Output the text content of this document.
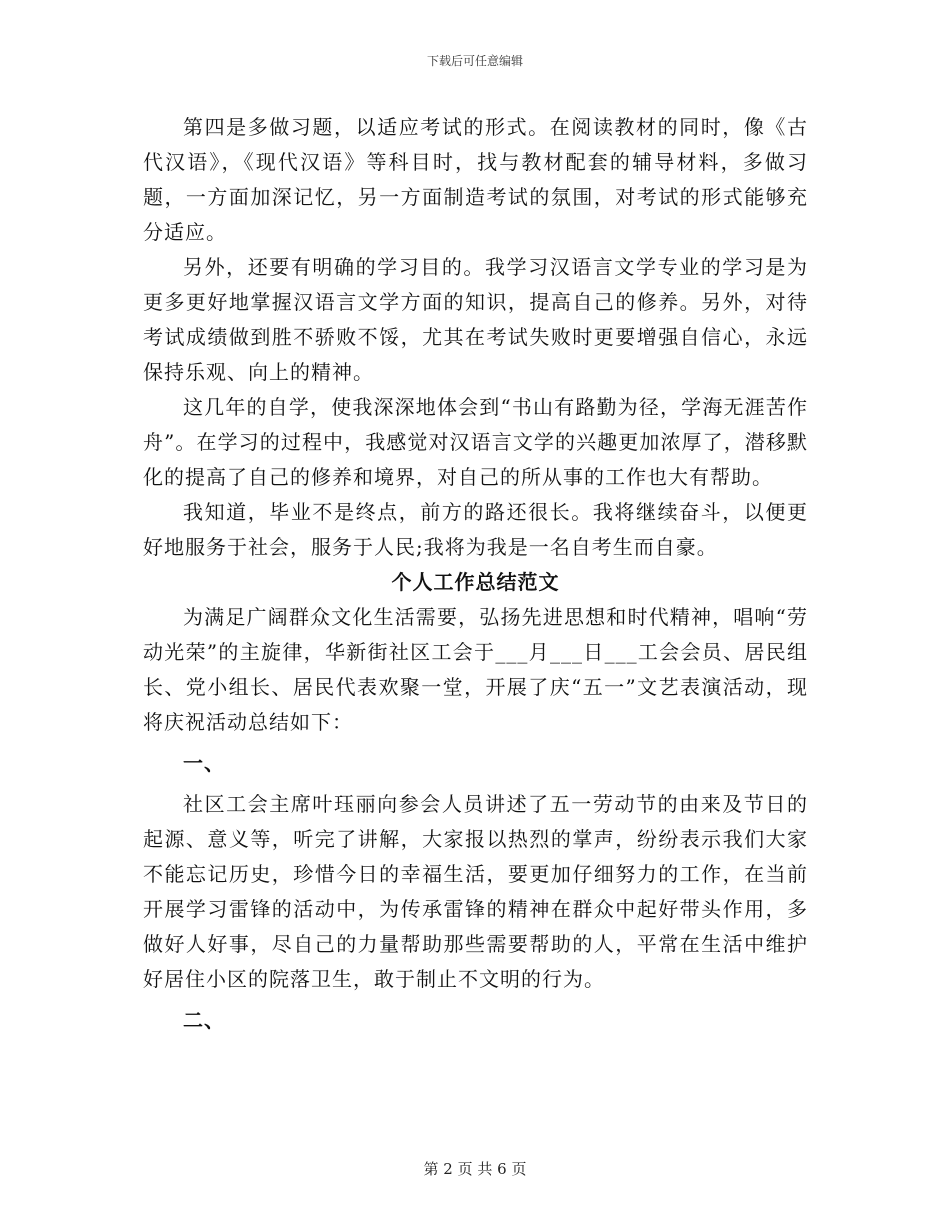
下载后可任意编辑

第四是多做习题，以适应考试的形式。在阅读教材的同时，像《古代汉语》，《现代汉语》等科目时，找与教材配套的辅导材料，多做习题，一方面加深记忆，另一方面制造考试的氛围，对考试的形式能够充分适应。

另外，还要有明确的学习目的。我学习汉语言文学专业的学习是为更多更好地掌握汉语言文学方面的知识，提高自己的修养。另外，对待考试成绩做到胜不骄败不馁，尤其在考试失败时更要增强自信心，永远保持乐观、向上的精神。

这几年的自学，使我深深地体会到“书山有路勤为径，学海无涯苦作舟”。在学习的过程中，我感觉对汉语言文学的兴趣更加浓厚了，潜移默化的提高了自己的修养和境界，对自己的所从事的工作也大有帮助。

我知道，毕业不是终点，前方的路还很长。我将继续奋斗，以便更好地服务于社会，服务于人民;我将为我是一名自考生而自豪。

个人工作总结范文

为满足广阔群众文化生活需要，弘扬先进思想和时代精神，唱响“劳动光荣”的主旋律，华新街社区工会于___月___日___工会会员、居民组长、党小组长、居民代表欢聚一堂，开展了庆“五一”文艺表演活动，现将庆祝活动总结如下：

一、

社区工会主席叶珏丽向参会人员讲述了五一劳动节的由来及节日的起源、意义等，听完了讲解，大家报以热烈的掌声，纷纷表示我们大家不能忘记历史，珍惜今日的幸福生活，要更加仔细努力的工作，在当前开展学习雷锋的活动中，为传承雷锋的精神在群众中起好带头作用，多做好人好事，尽自己的力量帮助那些需要帮助的人，平常在生活中维护好居住小区的院落卫生，敢于制止不文明的行为。

二、

第 2 页 共 6 页
